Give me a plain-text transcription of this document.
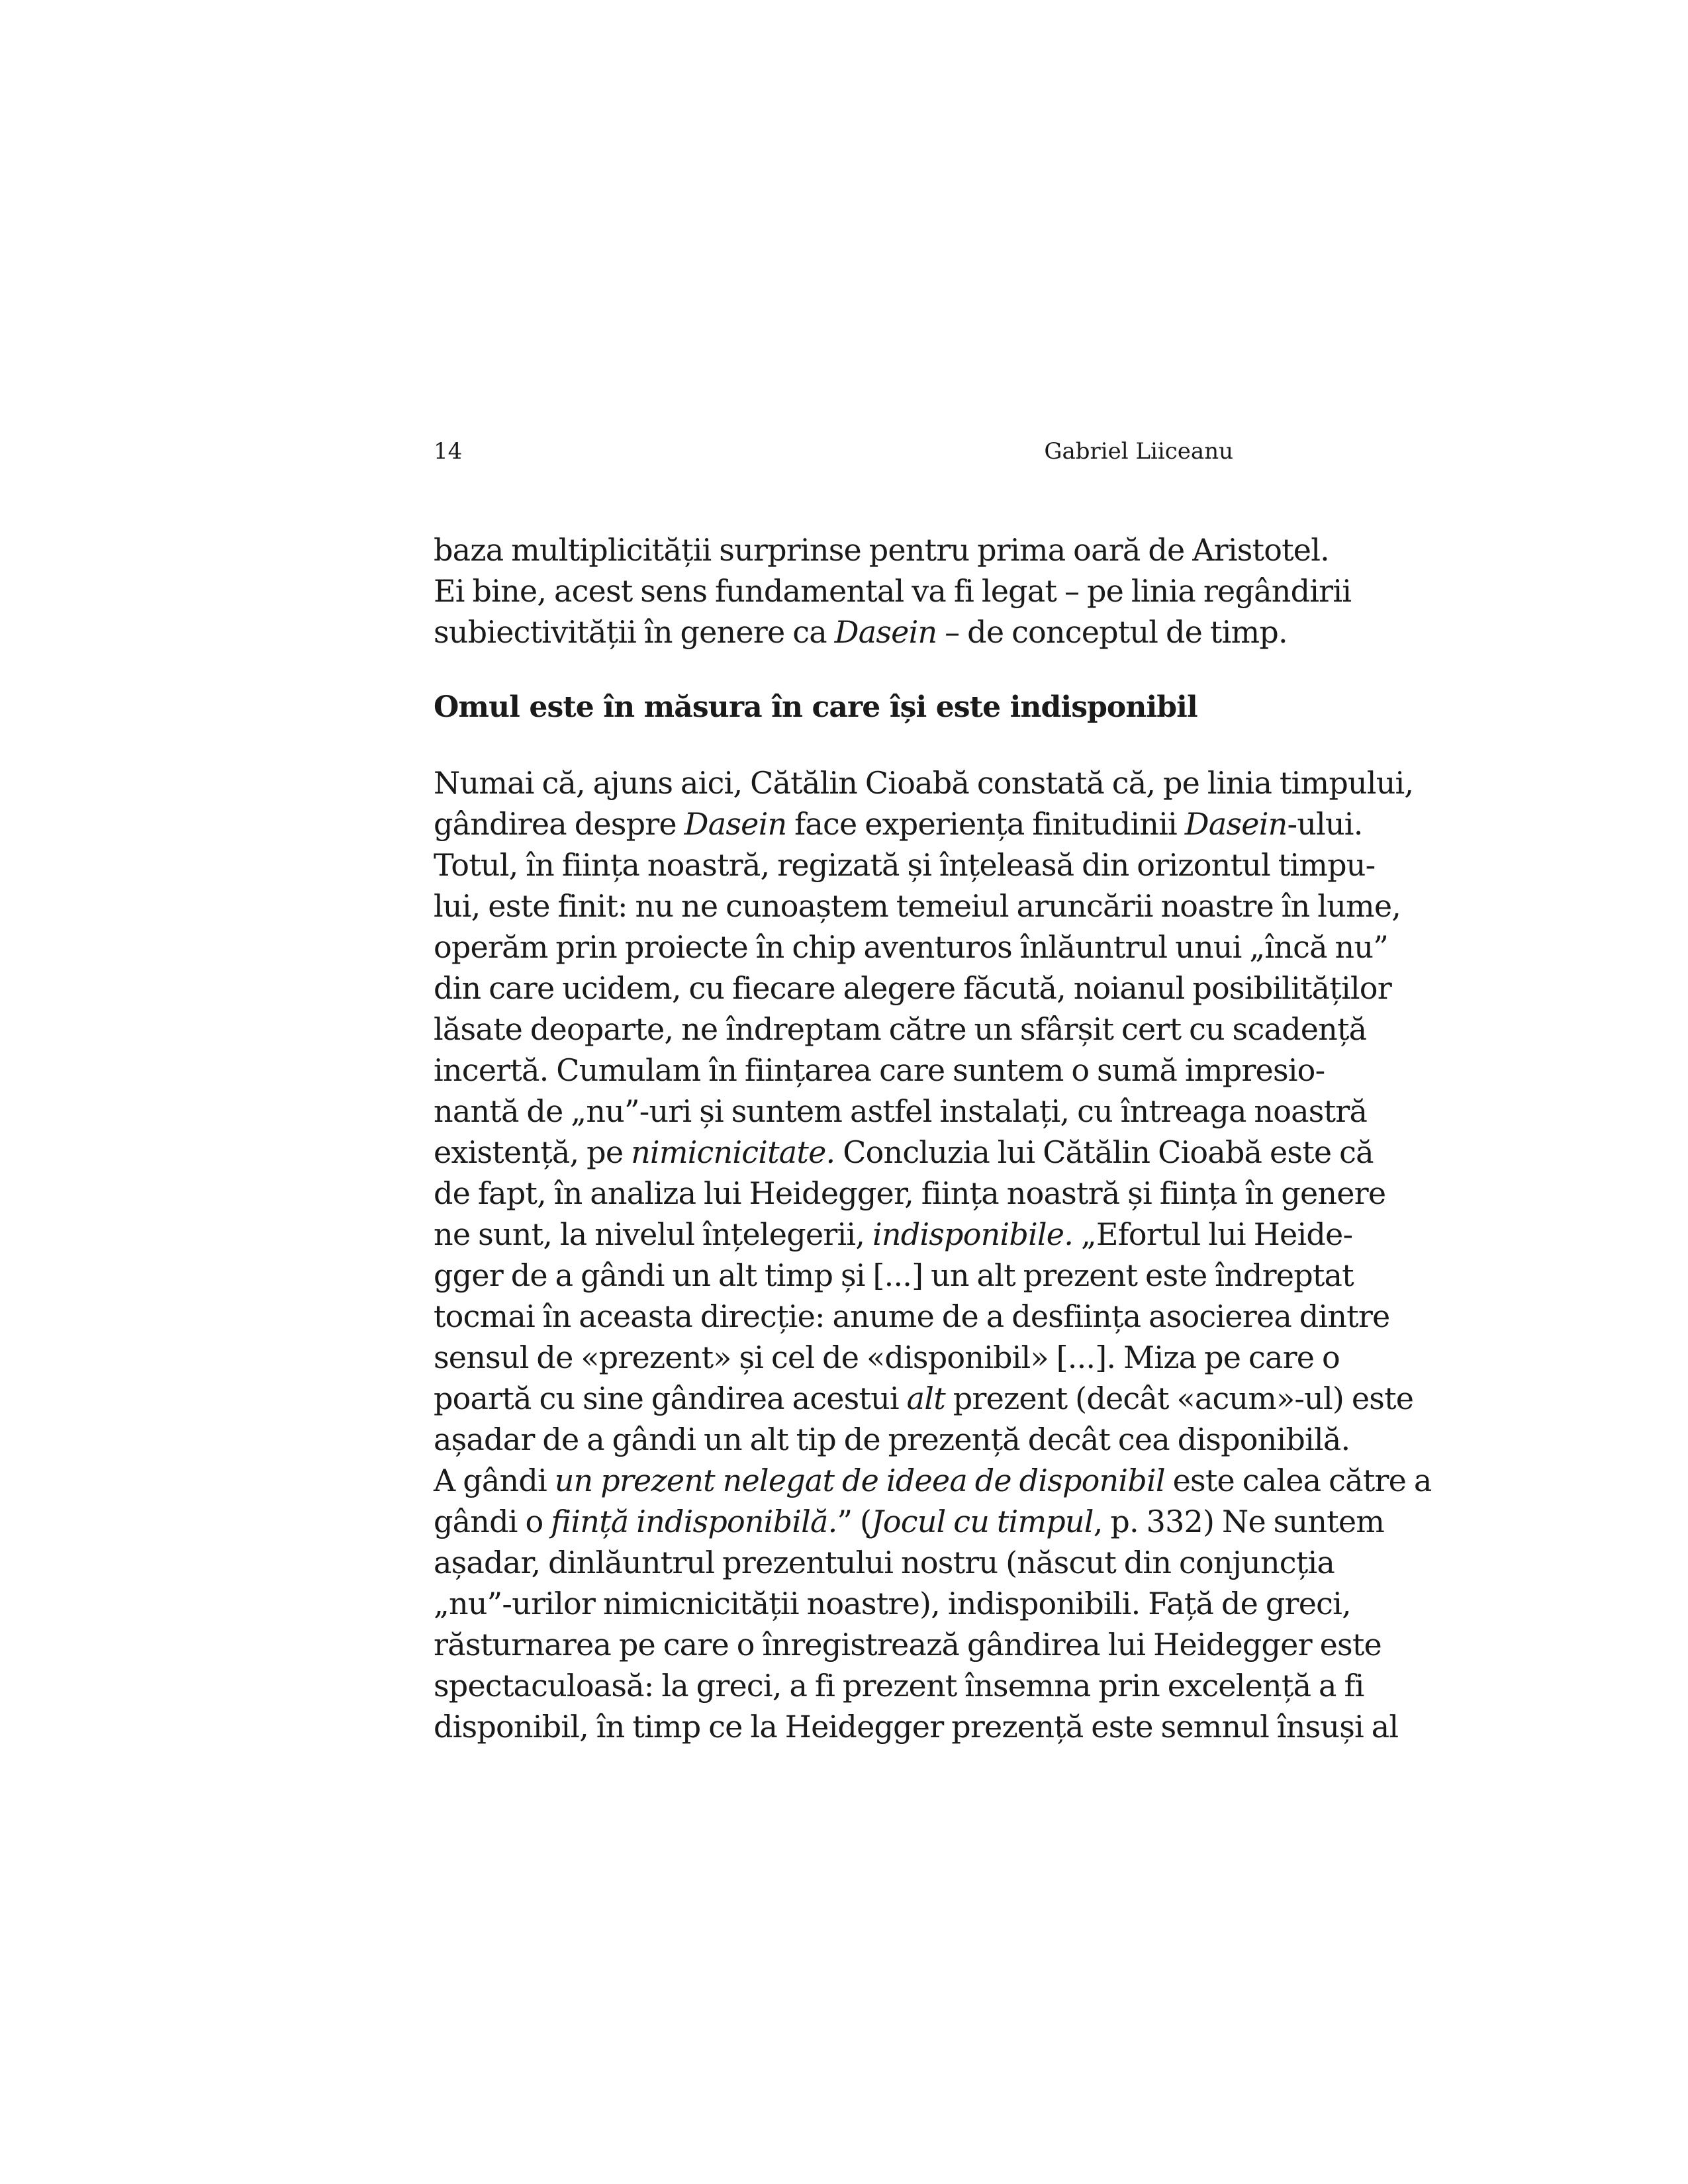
14	Gabriel Liiceanu
baza multiplicității surprinse pentru prima oară de Aristotel.
Ei bine, acest sens fundamental va fi legat – pe linia regândirii
subiectivității în genere ca Dasein – de conceptul de timp.
Omul este în măsura în care își este indisponibil
Numai că, ajuns aici, Cătălin Cioabă constată că, pe linia timpului,
gândirea despre Dasein face experiența finitudinii Dasein-ului.
Totul, în ființa noastră, regizată și înțeleasă din orizontul timpu-
lui, este finit: nu ne cunoaștem temeiul aruncării noastre în lume,
operăm prin proiecte în chip aventuros înlăuntrul unui „încă nu”
din care ucidem, cu fiecare alegere făcută, noianul posibilităților
lăsate deoparte, ne îndreptam către un sfârșit cert cu scadență
incertă. Cumulam în ființarea care suntem o sumă impresio-
nantă de „nu”-uri și suntem astfel instalați, cu întreaga noastră
existență, pe nimicnicitate. Concluzia lui Cătălin Cioabă este că
de fapt, în analiza lui Heidegger, ființa noastră și ființa în genere
ne sunt, la nivelul înțelegerii, indisponibile. „Efortul lui Heide-
gger de a gândi un alt timp și [...] un alt prezent este îndreptat
tocmai în aceasta direcție: anume de a desființa asocierea dintre
sensul de «prezent» și cel de «disponibil» [...]. Miza pe care o
poartă cu sine gândirea acestui alt prezent (decât «acum»-ul) este
așadar de a gândi un alt tip de prezență decât cea disponibilă.
A gândi un prezent nelegat de ideea de disponibil este calea către a
gândi o ființă indisponibilă.” (Jocul cu timpul, p. 332) Ne suntem
așadar, dinlăuntrul prezentului nostru (născut din conjuncția
„nu”-urilor nimicnicității noastre), indisponibili. Față de greci,
răsturnarea pe care o înregistrează gândirea lui Heidegger este
spectaculoasă: la greci, a fi prezent însemna prin excelență a fi
disponibil, în timp ce la Heidegger prezență este semnul însuși al
